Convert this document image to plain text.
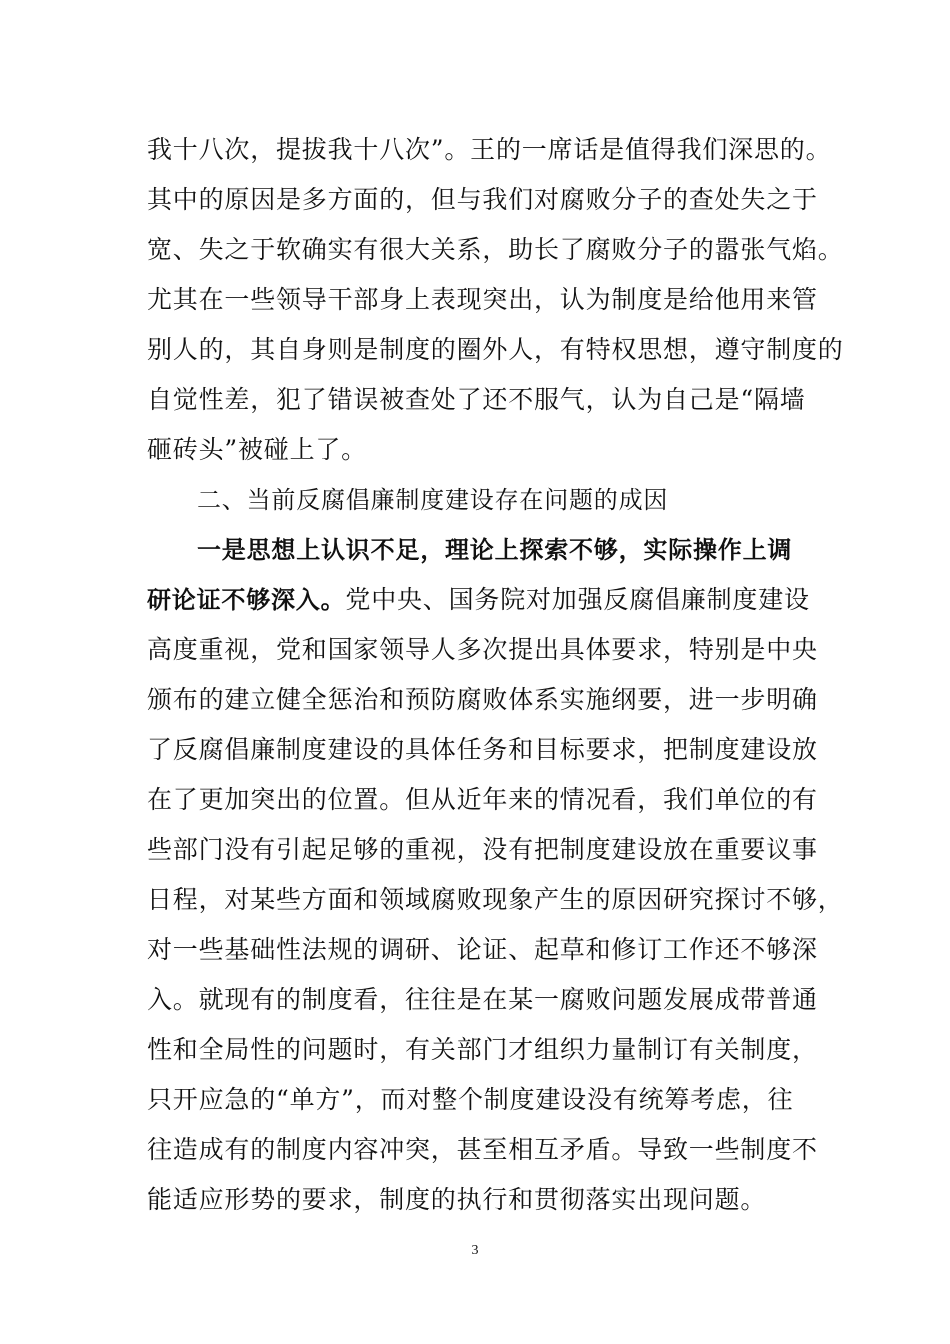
我十八次，提拔我十八次”。王的一席话是值得我们深思的。
其中的原因是多方面的，但与我们对腐败分子的查处失之于
宽、失之于软确实有很大关系，助长了腐败分子的嚣张气焰。
尤其在一些领导干部身上表现突出，认为制度是给他用来管
别人的，其自身则是制度的圈外人，有特权思想，遵守制度的
自觉性差，犯了错误被查处了还不服气，认为自己是“隔墙
砸砖头”被碰上了。
二、当前反腐倡廉制度建设存在问题的成因
一是思想上认识不足，理论上探索不够，实际操作上调
研论证不够深入。党中央、国务院对加强反腐倡廉制度建设
高度重视，党和国家领导人多次提出具体要求，特别是中央
颁布的建立健全惩治和预防腐败体系实施纲要，进一步明确
了反腐倡廉制度建设的具体任务和目标要求，把制度建设放
在了更加突出的位置。但从近年来的情况看，我们单位的有
些部门没有引起足够的重视，没有把制度建设放在重要议事
日程，对某些方面和领域腐败现象产生的原因研究探讨不够，
对一些基础性法规的调研、论证、起草和修订工作还不够深
入。就现有的制度看，往往是在某一腐败问题发展成带普通
性和全局性的问题时，有关部门才组织力量制订有关制度，
只开应急的“单方”，而对整个制度建设没有统筹考虑，往
往造成有的制度内容冲突，甚至相互矛盾。导致一些制度不
能适应形势的要求，制度的执行和贯彻落实出现问题。
3
